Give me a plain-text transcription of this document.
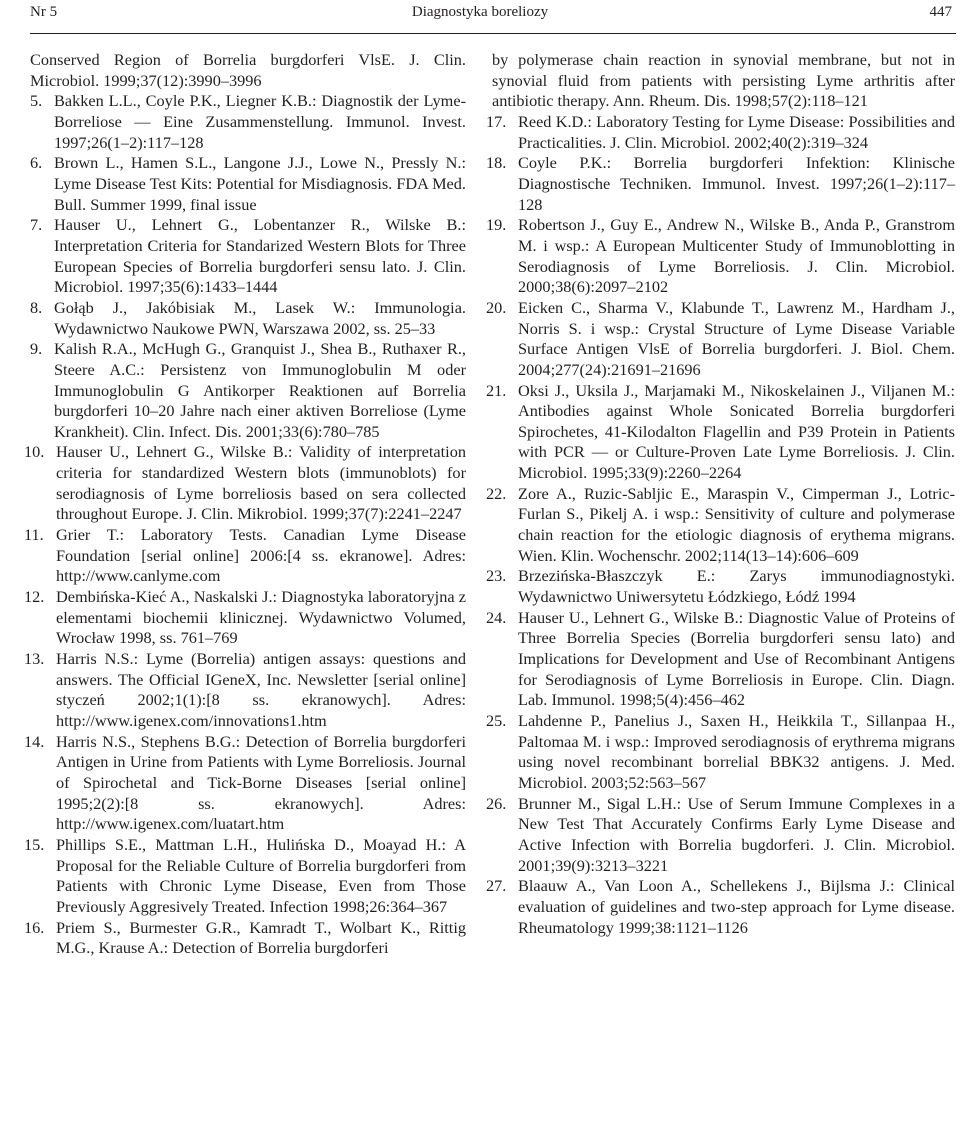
Nr 5	Diagnostyka boreliozy	447
Conserved Region of Borrelia burgdorferi VlsE. J. Clin. Microbiol. 1999;37(12):3990–3996
5. Bakken L.L., Coyle P.K., Liegner K.B.: Diagnostik der Lyme-Borreliose — Eine Zusammenstellung. Immunol. Invest. 1997;26(1–2):117–128
6. Brown L., Hamen S.L., Langone J.J., Lowe N., Pressly N.: Lyme Disease Test Kits: Potential for Misdiagnosis. FDA Med. Bull. Summer 1999, final issue
7. Hauser U., Lehnert G., Lobentanzer R., Wilske B.: Interpretation Criteria for Standarized Western Blots for Three European Species of Borrelia burgdorferi sensu lato. J. Clin. Microbiol. 1997;35(6):1433–1444
8. Gołąb J., Jakóbisiak M., Lasek W.: Immunologia. Wydawnictwo Naukowe PWN, Warszawa 2002, ss. 25–33
9. Kalish R.A., McHugh G., Granquist J., Shea B., Ruthaxer R., Steere A.C.: Persistenz von Immunoglobulin M oder Immunoglobulin G Antikorper Reaktionen auf Borrelia burgdorferi 10–20 Jahre nach einer aktiven Borreliose (Lyme Krankheit). Clin. Infect. Dis. 2001;33(6):780–785
10. Hauser U., Lehnert G., Wilske B.: Validity of interpretation criteria for standardized Western blots (immunoblots) for serodiagnosis of Lyme borreliosis based on sera collected throughout Europe. J. Clin. Mikrobiol. 1999;37(7):2241–2247
11. Grier T.: Laboratory Tests. Canadian Lyme Disease Foundation [serial online] 2006:[4 ss. ekranowe]. Adres: http://www.canlyme.com
12. Dembińska-Kieć A., Naskalski J.: Diagnostyka laboratoryjna z elementami biochemii klinicznej. Wydawnictwo Volumed, Wrocław 1998, ss. 761–769
13. Harris N.S.: Lyme (Borrelia) antigen assays: questions and answers. The Official IGeneX, Inc. Newsletter [serial online] styczeń 2002;1(1):[8 ss. ekranowych]. Adres: http://www.igenex.com/innovations1.htm
14. Harris N.S., Stephens B.G.: Detection of Borrelia burgdorferi Antigen in Urine from Patients with Lyme Borreliosis. Journal of Spirochetal and Tick-Borne Diseases [serial online] 1995;2(2):[8 ss. ekranowych]. Adres: http://www.igenex.com/luatart.htm
15. Phillips S.E., Mattman L.H., Hulińska D., Moayad H.: A Proposal for the Reliable Culture of Borrelia burgdorferi from Patients with Chronic Lyme Disease, Even from Those Previously Aggresively Treated. Infection 1998;26:364–367
16. Priem S., Burmester G.R., Kamradt T., Wolbart K., Rittig M.G., Krause A.: Detection of Borrelia burgdorferi
by polymerase chain reaction in synovial membrane, but not in synovial fluid from patients with persisting Lyme arthritis after antibiotic therapy. Ann. Rheum. Dis. 1998;57(2):118–121
17. Reed K.D.: Laboratory Testing for Lyme Disease: Possibilities and Practicalities. J. Clin. Microbiol. 2002;40(2):319–324
18. Coyle P.K.: Borrelia burgdorferi Infektion: Klinische Diagnostische Techniken. Immunol. Invest. 1997;26(1–2):117–128
19. Robertson J., Guy E., Andrew N., Wilske B., Anda P., Granstrom M. i wsp.: A European Multicenter Study of Immunoblotting in Serodiagnosis of Lyme Borreliosis. J. Clin. Microbiol. 2000;38(6):2097–2102
20. Eicken C., Sharma V., Klabunde T., Lawrenz M., Hardham J., Norris S. i wsp.: Crystal Structure of Lyme Disease Variable Surface Antigen VlsE of Borrelia burgdorferi. J. Biol. Chem. 2004;277(24):21691–21696
21. Oksi J., Uksila J., Marjamaki M., Nikoskelainen J., Viljanen M.: Antibodies against Whole Sonicated Borrelia burgdorferi Spirochetes, 41-Kilodalton Flagellin and P39 Protein in Patients with PCR — or Culture-Proven Late Lyme Borreliosis. J. Clin. Microbiol. 1995;33(9):2260–2264
22. Zore A., Ruzic-Sabljic E., Maraspin V., Cimperman J., Lotric-Furlan S., Pikelj A. i wsp.: Sensitivity of culture and polymerase chain reaction for the etiologic diagnosis of erythema migrans. Wien. Klin. Wochenschr. 2002;114(13–14):606–609
23. Brzezińska-Błaszczyk E.: Zarys immunodiagnostyki. Wydawnictwo Uniwersytetu Łódzkiego, Łódź 1994
24. Hauser U., Lehnert G., Wilske B.: Diagnostic Value of Proteins of Three Borrelia Species (Borrelia burgdorferi sensu lato) and Implications for Development and Use of Recombinant Antigens for Serodiagnosis of Lyme Borreliosis in Europe. Clin. Diagn. Lab. Immunol. 1998;5(4):456–462
25. Lahdenne P., Panelius J., Saxen H., Heikkila T., Sillanpaa H., Paltomaa M. i wsp.: Improved serodiagnosis of erythrema migrans using novel recombinant borrelial BBK32 antigens. J. Med. Microbiol. 2003;52:563–567
26. Brunner M., Sigal L.H.: Use of Serum Immune Complexes in a New Test That Accurately Confirms Early Lyme Disease and Active Infection with Borrelia bugdorferi. J. Clin. Microbiol. 2001;39(9):3213–3221
27. Blaauw A., Van Loon A., Schellekens J., Bijlsma J.: Clinical evaluation of guidelines and two-step approach for Lyme disease. Rheumatology 1999;38:1121–1126
